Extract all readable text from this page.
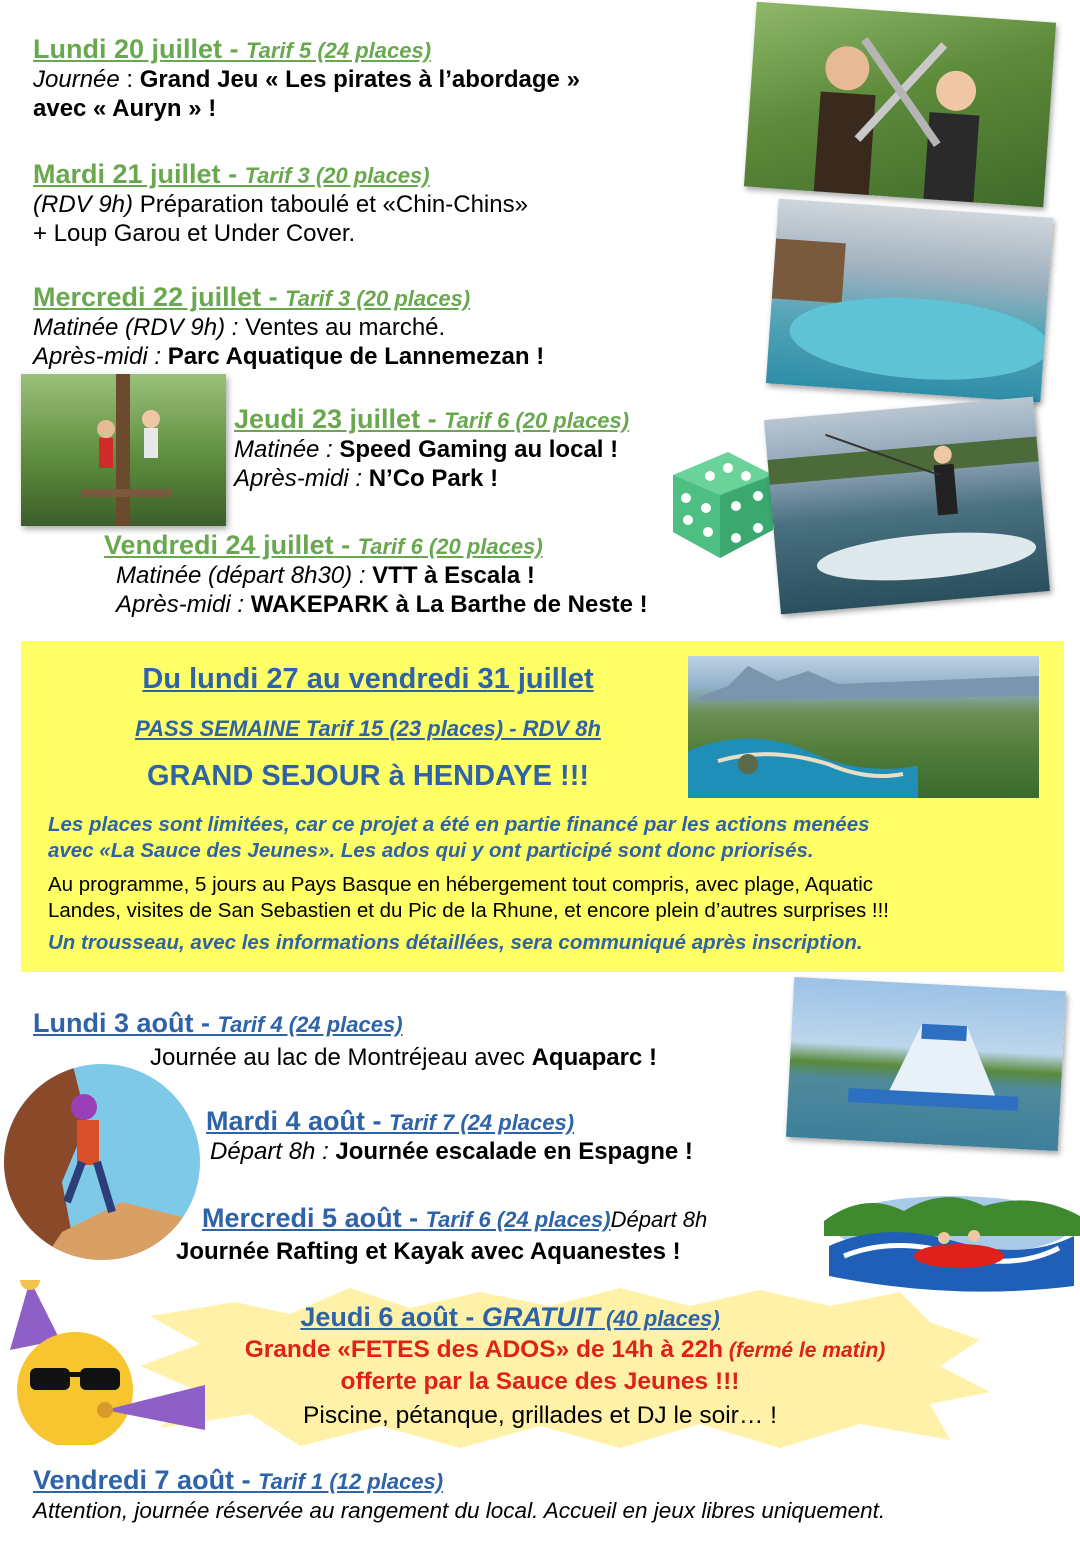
Lundi 20 juillet - Tarif 5 (24 places)
Journée : Grand Jeu « Les pirates à l’abordage »
avec « Auryn » !
Mardi 21 juillet - Tarif 3 (20 places)
(RDV 9h) Préparation taboulé et «Chin-Chins»
+ Loup Garou et Under Cover.
Mercredi 22 juillet - Tarif 3 (20 places)
Matinée (RDV 9h) : Ventes au marché.
Après-midi : Parc Aquatique de Lannemezan !
Jeudi 23 juillet - Tarif 6 (20 places)
Matinée : Speed Gaming au local !
Après-midi : N’Co Park !
Vendredi 24 juillet - Tarif 6 (20 places)
Matinée (départ 8h30) : VTT à Escala !
Après-midi : WAKEPARK à La Barthe de Neste !
Du lundi 27 au vendredi 31 juillet
PASS SEMAINE Tarif 15 (23 places) - RDV 8h
GRAND SEJOUR à HENDAYE !!!
Les places sont limitées, car ce projet a été en partie financé par les actions menées
avec «La Sauce des Jeunes». Les ados qui y ont participé sont donc priorisés.
Au programme, 5 jours au Pays Basque en hébergement tout compris, avec plage, Aquatic
Landes, visites de San Sebastien et du Pic de la Rhune, et encore plein d’autres surprises !!!
Un trousseau, avec les informations détaillées, sera communiqué après inscription.
Lundi 3 août - Tarif 4 (24 places)
Journée au lac de Montréjeau avec Aquaparc !
Mardi 4 août - Tarif 7 (24 places)
Départ 8h : Journée escalade en Espagne !
Mercredi 5 août - Tarif 6 (24 places)Départ 8h
Journée Rafting et Kayak avec Aquanestes !
Jeudi 6 août - GRATUIT (40 places)
Grande «FETES des ADOS» de 14h à 22h (fermé le matin)
offerte par la Sauce des Jeunes !!!
Piscine, pétanque, grillades et DJ le soir… !
Vendredi 7 août - Tarif 1 (12 places)
Attention, journée réservée au rangement du local. Accueil en jeux libres uniquement.
